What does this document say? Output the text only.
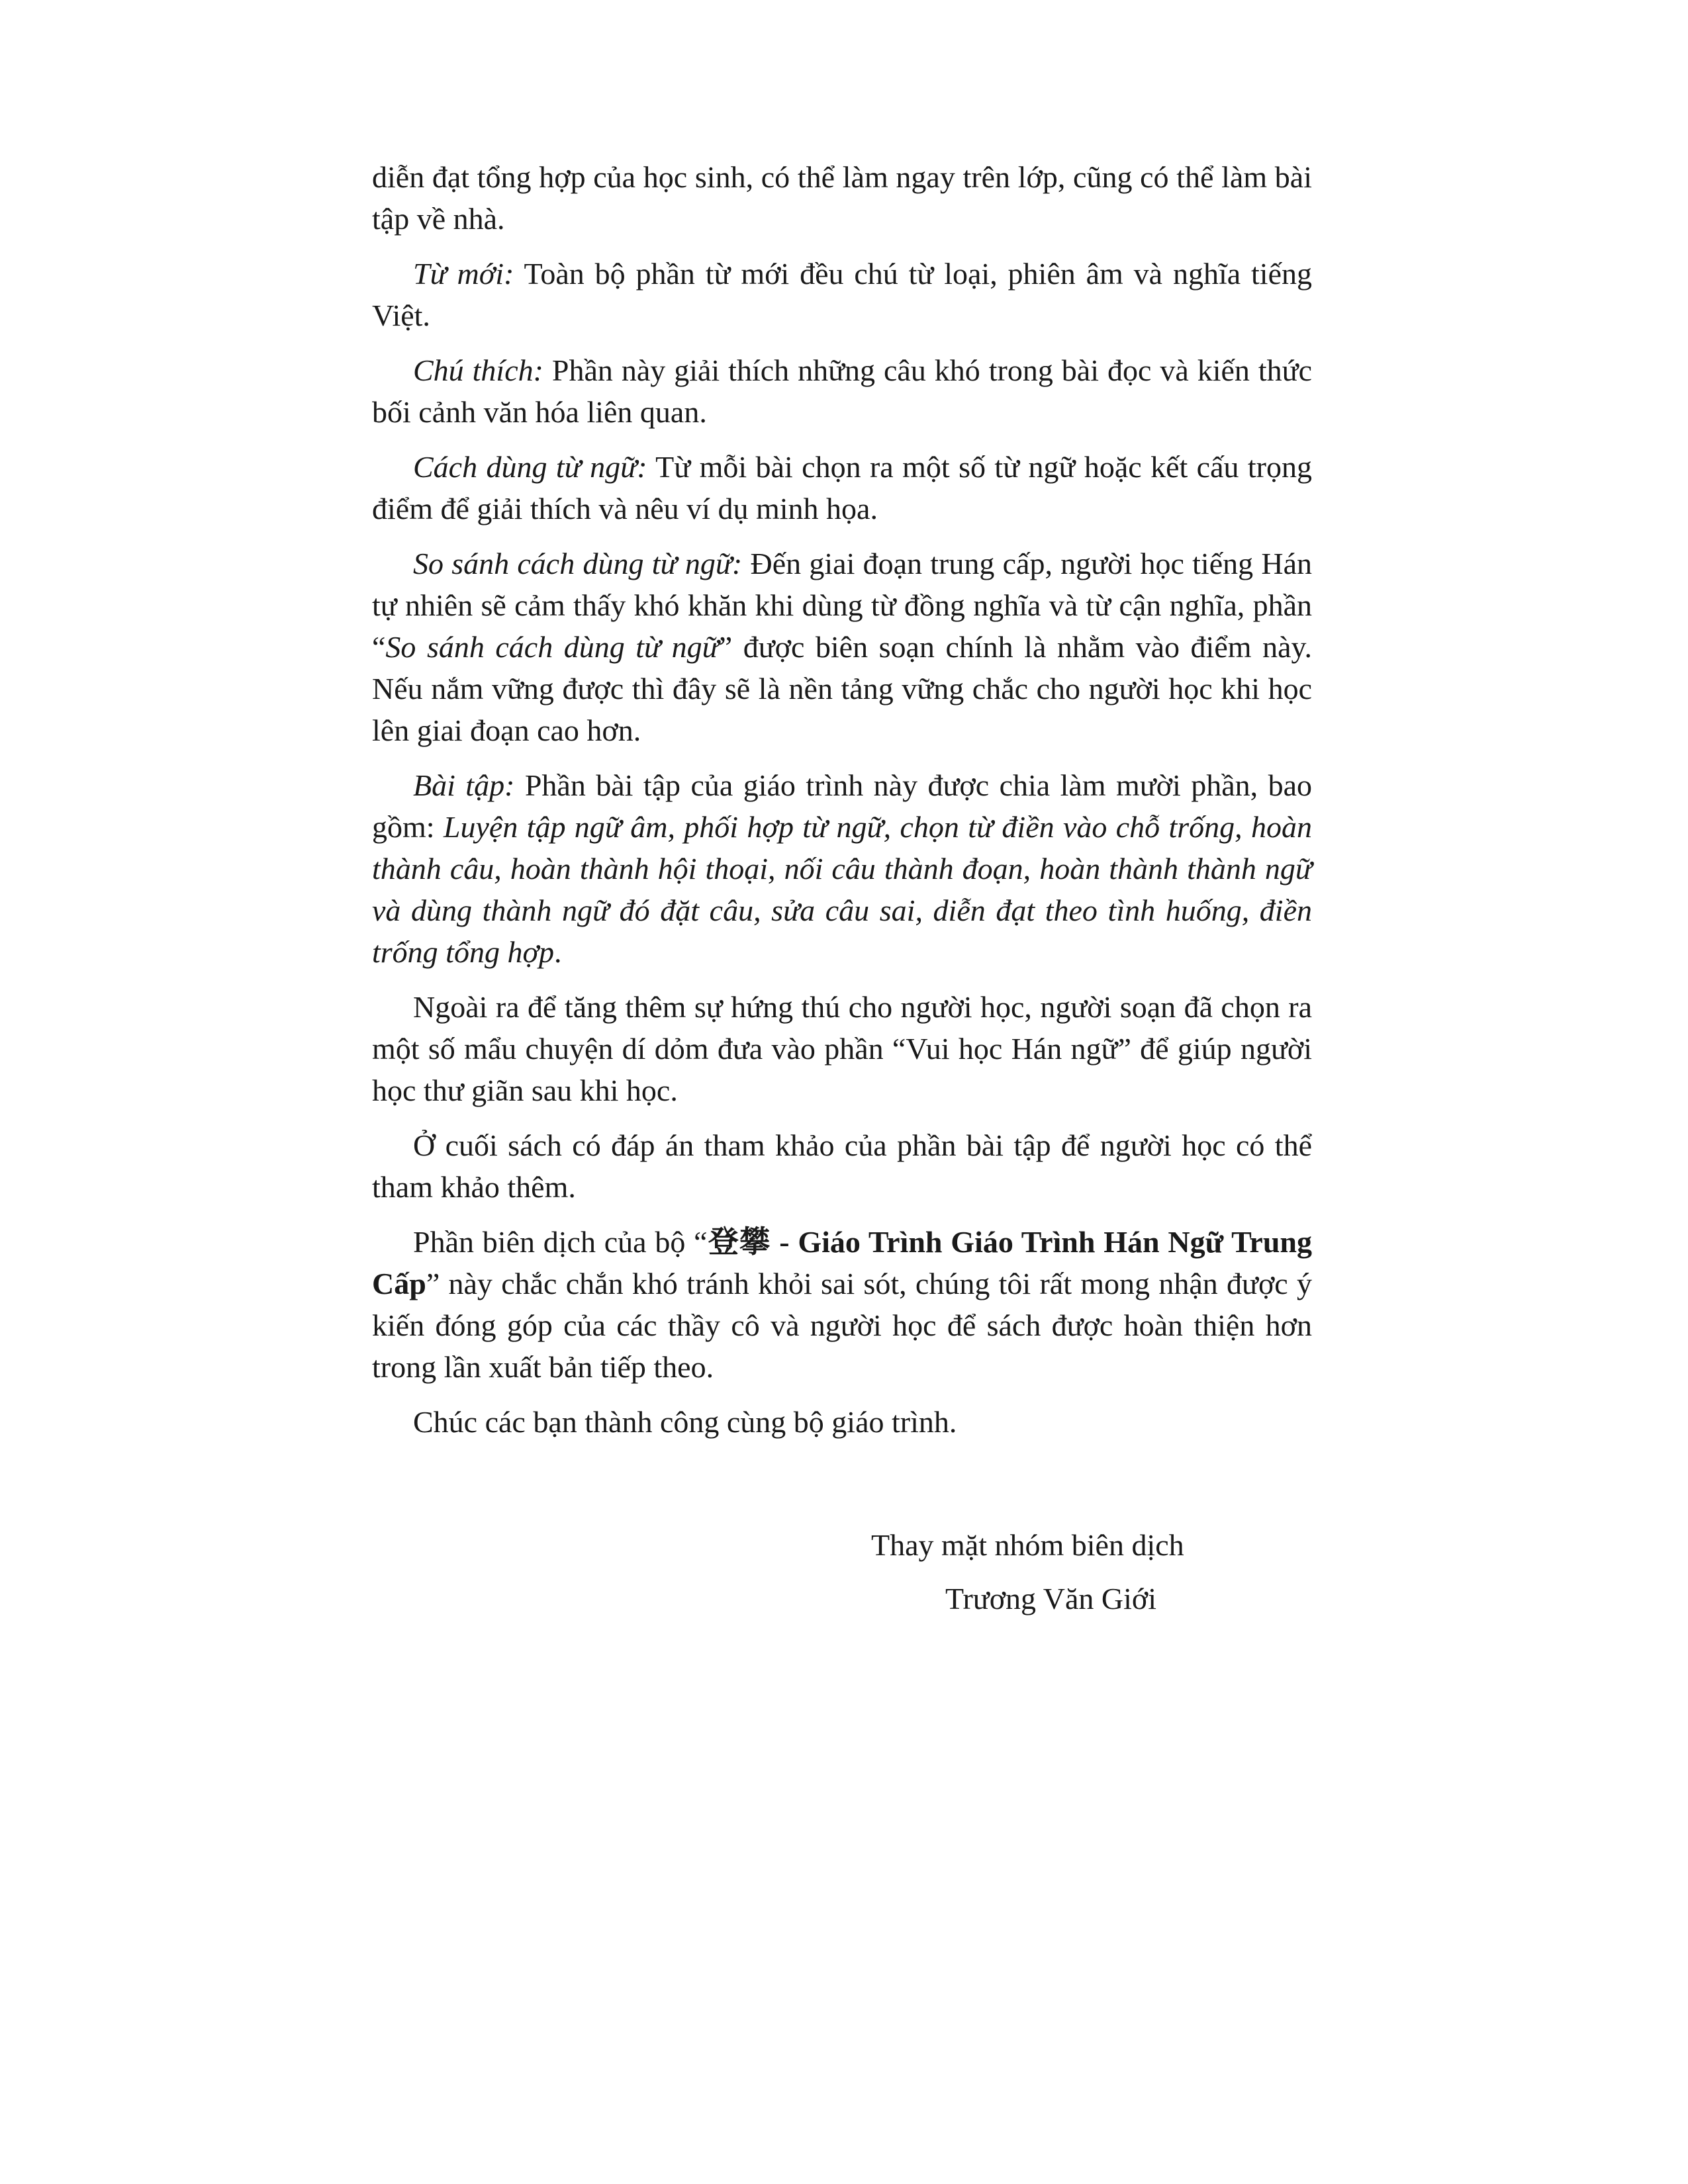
diễn đạt tổng hợp của học sinh, có thể làm ngay trên lớp, cũng có thể làm bài tập về nhà.

Từ mới: Toàn bộ phần từ mới đều chú từ loại, phiên âm và nghĩa tiếng Việt.

Chú thích: Phần này giải thích những câu khó trong bài đọc và kiến thức bối cảnh văn hóa liên quan.

Cách dùng từ ngữ: Từ mỗi bài chọn ra một số từ ngữ hoặc kết cấu trọng điểm để giải thích và nêu ví dụ minh họa.

So sánh cách dùng từ ngữ: Đến giai đoạn trung cấp, người học tiếng Hán tự nhiên sẽ cảm thấy khó khăn khi dùng từ đồng nghĩa và từ cận nghĩa, phần “So sánh cách dùng từ ngữ” được biên soạn chính là nhằm vào điểm này. Nếu nắm vững được thì đây sẽ là nền tảng vững chắc cho người học khi học lên giai đoạn cao hơn.

Bài tập: Phần bài tập của giáo trình này được chia làm mười phần, bao gồm: Luyện tập ngữ âm, phối hợp từ ngữ, chọn từ điền vào chỗ trống, hoàn thành câu, hoàn thành hội thoại, nối câu thành đoạn, hoàn thành thành ngữ và dùng thành ngữ đó đặt câu, sửa câu sai, diễn đạt theo tình huống, điền trống tổng hợp.

Ngoài ra để tăng thêm sự hứng thú cho người học, người soạn đã chọn ra một số mẩu chuyện dí dỏm đưa vào phần “Vui học Hán ngữ” để giúp người học thư giãn sau khi học.

Ở cuối sách có đáp án tham khảo của phần bài tập để người học có thể tham khảo thêm.

Phần biên dịch của bộ “登攀 - Giáo Trình Giáo Trình Hán Ngữ Trung Cấp” này chắc chắn khó tránh khỏi sai sót, chúng tôi rất mong nhận được ý kiến đóng góp của các thầy cô và người học để sách được hoàn thiện hơn trong lần xuất bản tiếp theo.

Chúc các bạn thành công cùng bộ giáo trình.

Thay mặt nhóm biên dịch
Trương Văn Giới
